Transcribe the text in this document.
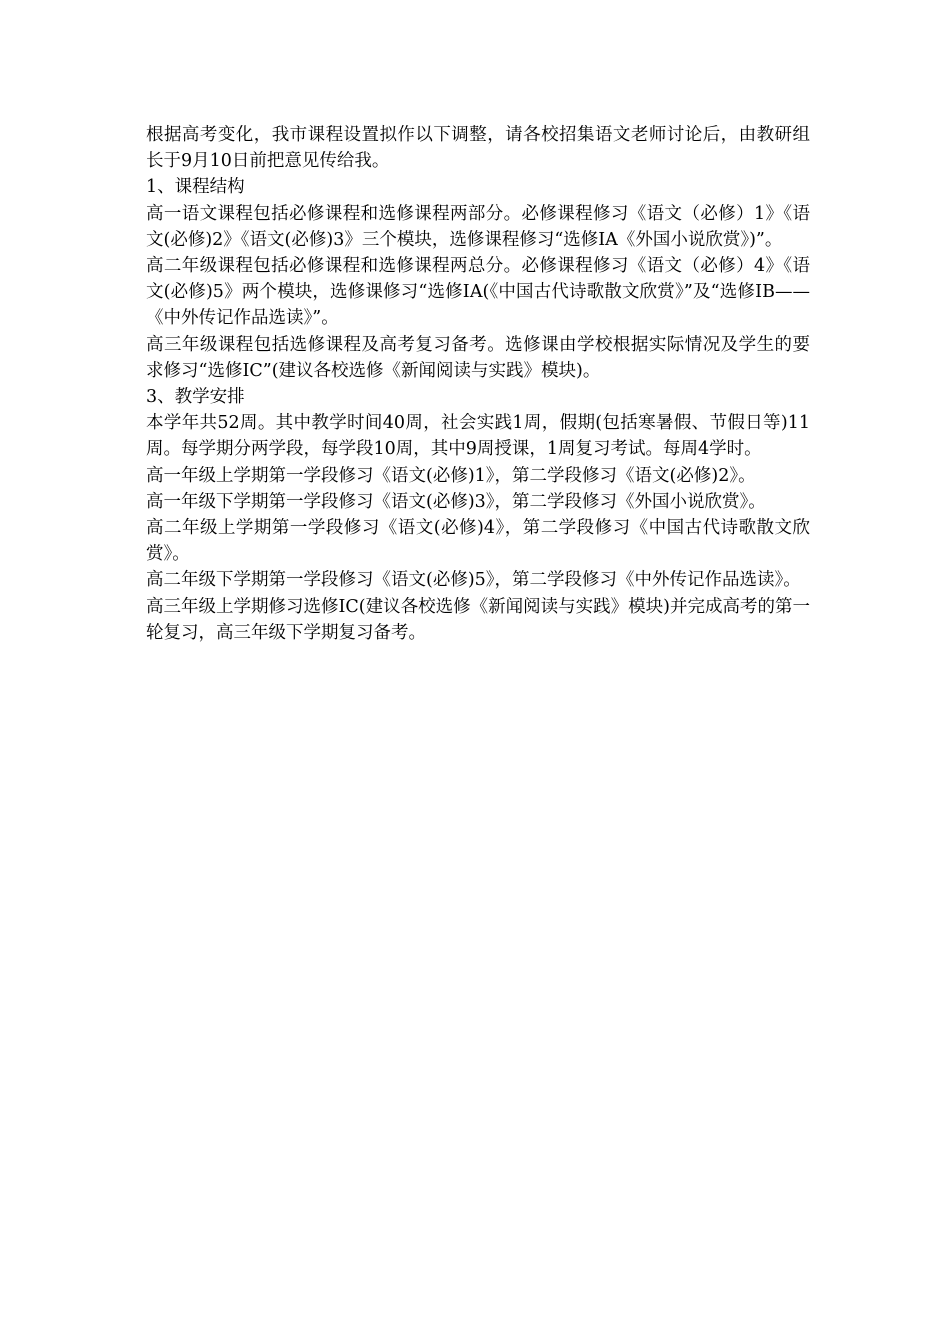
根据高考变化，我市课程设置拟作以下调整，请各校招集语文老师讨论后，由教研组长于9月10日前把意见传给我。

1、课程结构

高一语文课程包括必修课程和选修课程两部分。必修课程修习《语文（必修）1》《语文(必修)2》《语文(必修)3》三个模块，选修课程修习“选修ⅠA《外国小说欣赏》)”。

高二年级课程包括必修课程和选修课程两总分。必修课程修习《语文（必修）4》《语文(必修)5》两个模块，选修课修习“选修ⅠA(《中国古代诗歌散文欣赏》”及“选修ⅠB——《中外传记作品选读》”。

高三年级课程包括选修课程及高考复习备考。选修课由学校根据实际情况及学生的要求修习“选修ⅠC”(建议各校选修《新闻阅读与实践》模块)。

3、教学安排

本学年共52周。其中教学时间40周，社会实践1周，假期(包括寒暑假、节假日等)11周。每学期分两学段，每学段10周，其中9周授课，1周复习考试。每周4学时。

高一年级上学期第一学段修习《语文(必修)1》，第二学段修习《语文(必修)2》。

高一年级下学期第一学段修习《语文(必修)3》，第二学段修习《外国小说欣赏》。

高二年级上学期第一学段修习《语文(必修)4》，第二学段修习《中国古代诗歌散文欣赏》。

高二年级下学期第一学段修习《语文(必修)5》，第二学段修习《中外传记作品选读》。

高三年级上学期修习选修ⅠC(建议各校选修《新闻阅读与实践》模块)并完成高考的第一轮复习，高三年级下学期复习备考。
